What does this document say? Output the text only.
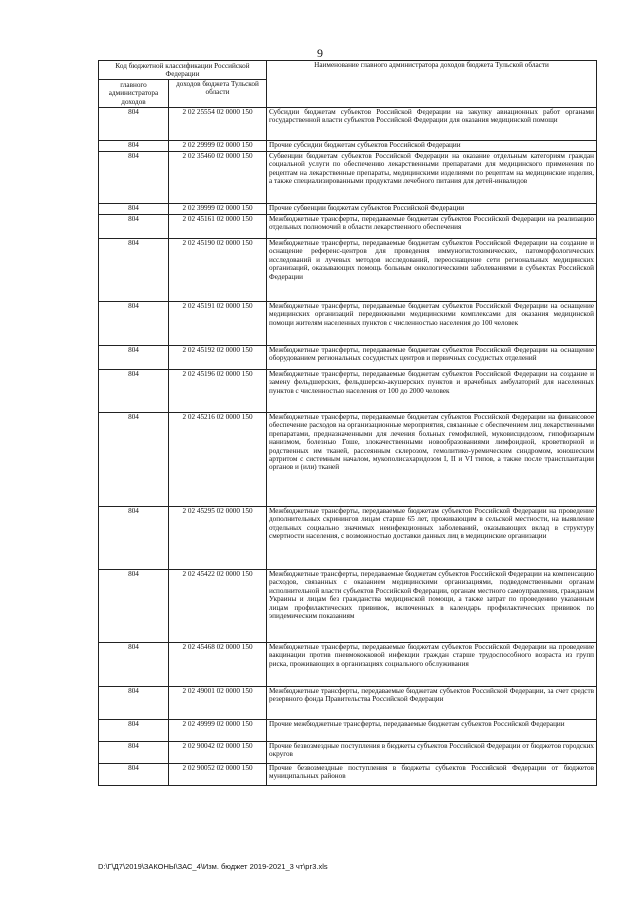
9
Код бюджетной классификации Российской Федерации		Наименование главного администратора доходов бюджета Тульской области
главного администратора доходов	доходов бюджета Тульской области	
804	2 02 25554 02 0000 150	Субсидии бюджетам субъектов Российской Федерации на закупку авиационных работ органами государственной власти субъектов Российской Федерации для оказания медицинской помощи
804	2 02 29999 02 0000 150	Прочие субсидии бюджетам субъектов Российской Федерации
804	2 02 35460 02 0000 150	Субвенции бюджетам субъектов Российской Федерации на оказание отдельным категориям граждан социальной услуги по обеспечению лекарственными препаратами для медицинского применения по рецептам на лекарственные препараты, медицинскими изделиями по рецептам на медицинские изделия, а также специализированными продуктами лечебного питания для детей-инвалидов
804	2 02 39999 02 0000 150	Прочие субвенции бюджетам субъектов Российской Федерации
804	2 02 45161 02 0000 150	Межбюджетные трансферты, передаваемые бюджетам субъектов Российской Федерации на реализацию отдельных полномочий в области лекарственного обеспечения
804	2 02 45190 02 0000 150	Межбюджетные трансферты, передаваемые бюджетам субъектов Российской Федерации на создание и оснащение референс-центров для проведения иммуногистохимических, патоморфологических исследований и лучевых методов исследований, переоснащение сети региональных медицинских организаций, оказывающих помощь больным онкологическими заболеваниями в субъектах Российской Федерации
804	2 02 45191 02 0000 150	Межбюджетные трансферты, передаваемые бюджетам субъектов Российской Федерации на оснащение медицинских организаций передвижными медицинскими комплексами для оказания медицинской помощи жителям населенных пунктов с численностью населения до 100 человек
804	2 02 45192 02 0000 150	Межбюджетные трансферты, передаваемые бюджетам субъектов Российской Федерации на оснащение оборудованием региональных сосудистых центров и первичных сосудистых отделений
804	2 02 45196 02 0000 150	Межбюджетные трансферты, передаваемые бюджетам субъектов Российской Федерации на создание и замену фельдшерских, фельдшерско-акушерских пунктов и врачебных амбулаторий для населенных пунктов с численностью населения от 100 до 2000 человек
804	2 02 45216 02 0000 150	Межбюджетные трансферты, передаваемые бюджетам субъектов Российской Федерации на финансовое обеспечение расходов на организационные мероприятия, связанные с обеспечением лиц лекарственными препаратами, предназначенными для лечения больных гемофилией, муковисцидозом, гипофизарным нанизмом, болезнью Гоше, злокачественными новообразованиями лимфоидной, кроветворной и родственных им тканей, рассеянным склерозом, гемолитико-уремическим синдромом, юношеским артритом с системным началом, мукополисахаридозом I, II и VI типов, а также после трансплантации органов и (или) тканей
804	2 02 45295 02 0000 150	Межбюджетные трансферты, передаваемые бюджетам субъектов Российской Федерации на проведение дополнительных скринингов лицам старше 65 лет, проживающим в сельской местности, на выявление отдельных социально значимых неинфекционных заболеваний, оказывающих вклад в структуру смертности населения, с возможностью доставки данных лиц в медицинские организации
804	2 02 45422 02 0000 150	Межбюджетные трансферты, передаваемые бюджетам субъектов Российской Федерации на компенсацию расходов, связанных с оказанием медицинскими организациями, подведомственными органам исполнительной власти субъектов Российской Федерации, органам местного самоуправления, гражданам Украины и лицам без гражданства медицинской помощи, а также затрат по проведению указанным лицам профилактических прививок, включенных в календарь профилактических прививок по эпидемическим показаниям
804	2 02 45468 02 0000 150	Межбюджетные трансферты, передаваемые бюджетам субъектов Российской Федерации на проведение вакцинации против пневмококковой инфекции граждан старше трудоспособного возраста из групп риска, проживающих в организациях социального обслуживания
804	2 02 49001 02 0000 150	Межбюджетные трансферты, передаваемые бюджетам субъектов Российской Федерации, за счет средств резервного фонда Правительства Российской Федерации
804	2 02 49999 02 0000 150	Прочие межбюджетные трансферты, передаваемые бюджетам субъектов Российской Федерации
804	2 02 90042 02 0000 150	Прочие безвозмездные поступления в бюджеты субъектов Российской Федерации от бюджетов городских округов
804	2 02 90052 02 0000 150	Прочие безвозмездные поступления в бюджеты субъектов Российской Федерации от бюджетов муниципальных районов
D:\Г\Д7\2019\ЗАКОНЫ\ЗАС_4\Изм. бюджет 2019-2021_3 чт\рг3.xls
